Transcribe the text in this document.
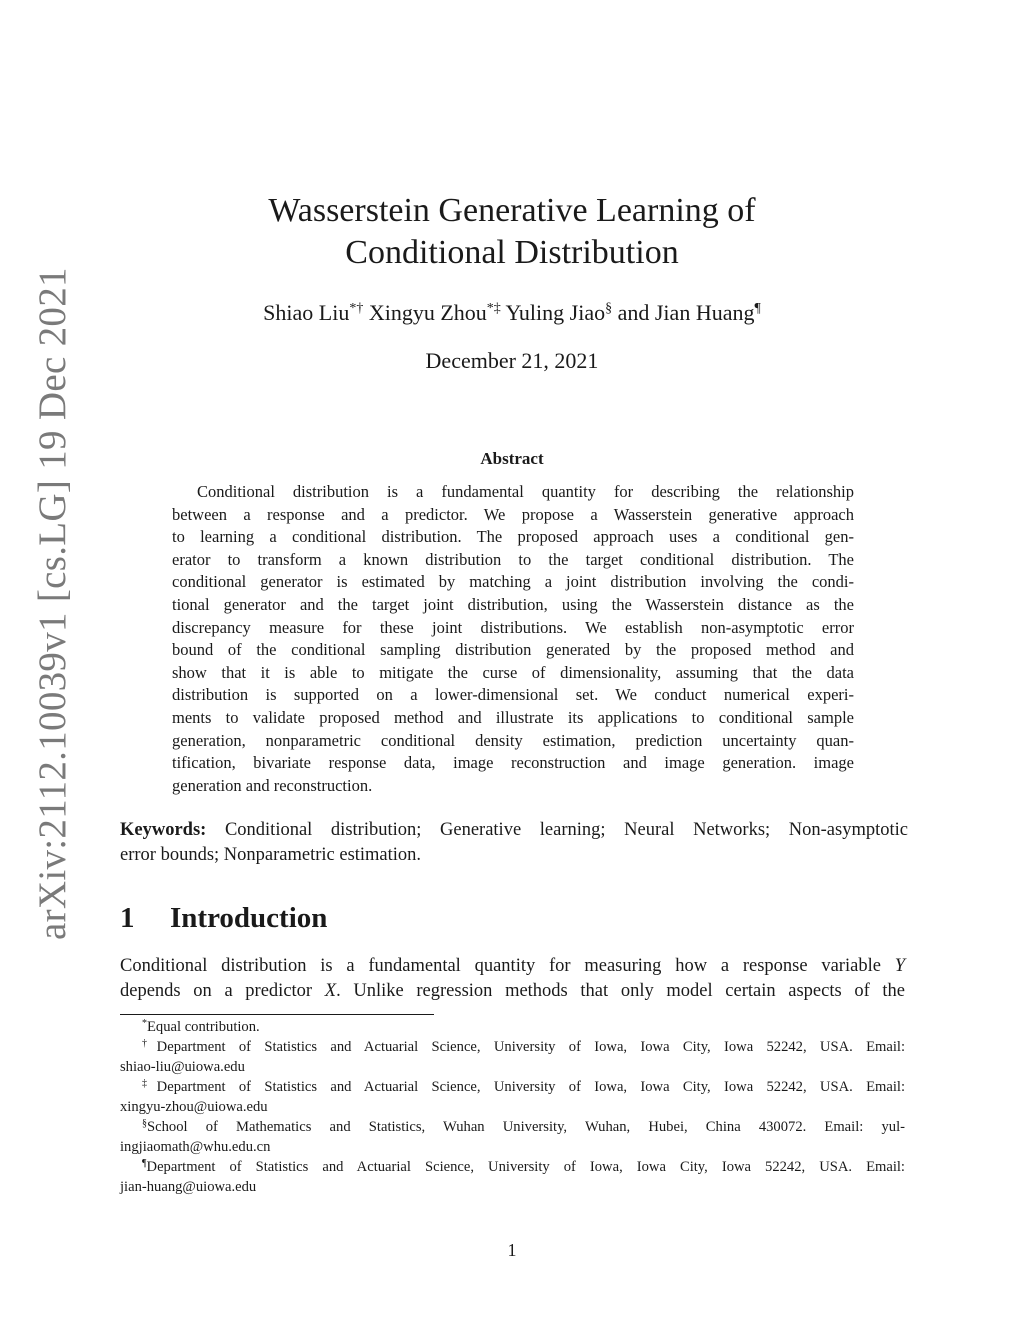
arXiv:2112.10039v1 [cs.LG] 19 Dec 2021
Wasserstein Generative Learning of
Conditional Distribution
Shiao Liu*† Xingyu Zhou*‡ Yuling Jiao§ and Jian Huang¶
December 21, 2021
Abstract

Conditional distribution is a fundamental quantity for describing the relationship
between a response and a predictor. We propose a Wasserstein generative approach
to learning a conditional distribution. The proposed approach uses a conditional gen-
erator to transform a known distribution to the target conditional distribution. The
conditional generator is estimated by matching a joint distribution involving the condi-
tional generator and the target joint distribution, using the Wasserstein distance as the
discrepancy measure for these joint distributions. We establish non-asymptotic error
bound of the conditional sampling distribution generated by the proposed method and
show that it is able to mitigate the curse of dimensionality, assuming that the data
distribution is supported on a lower-dimensional set. We conduct numerical experi-
ments to validate proposed method and illustrate its applications to conditional sample
generation, nonparametric conditional density estimation, prediction uncertainty quan-
tification, bivariate response data, image reconstruction and image generation. image
generation and reconstruction.

Keywords: Conditional distribution; Generative learning; Neural Networks; Non-asymptotic
error bounds; Nonparametric estimation.

1 Introduction

Conditional distribution is a fundamental quantity for measuring how a response variable Y
depends on a predictor X. Unlike regression methods that only model certain aspects of the

*Equal contribution.
†Department of Statistics and Actuarial Science, University of Iowa, Iowa City, Iowa 52242, USA. Email:
shiao-liu@uiowa.edu
‡Department of Statistics and Actuarial Science, University of Iowa, Iowa City, Iowa 52242, USA. Email:
xingyu-zhou@uiowa.edu
§School of Mathematics and Statistics, Wuhan University, Wuhan, Hubei, China 430072. Email: yul-
ingjiaomath@whu.edu.cn
¶Department of Statistics and Actuarial Science, University of Iowa, Iowa City, Iowa 52242, USA. Email:
jian-huang@uiowa.edu
1
